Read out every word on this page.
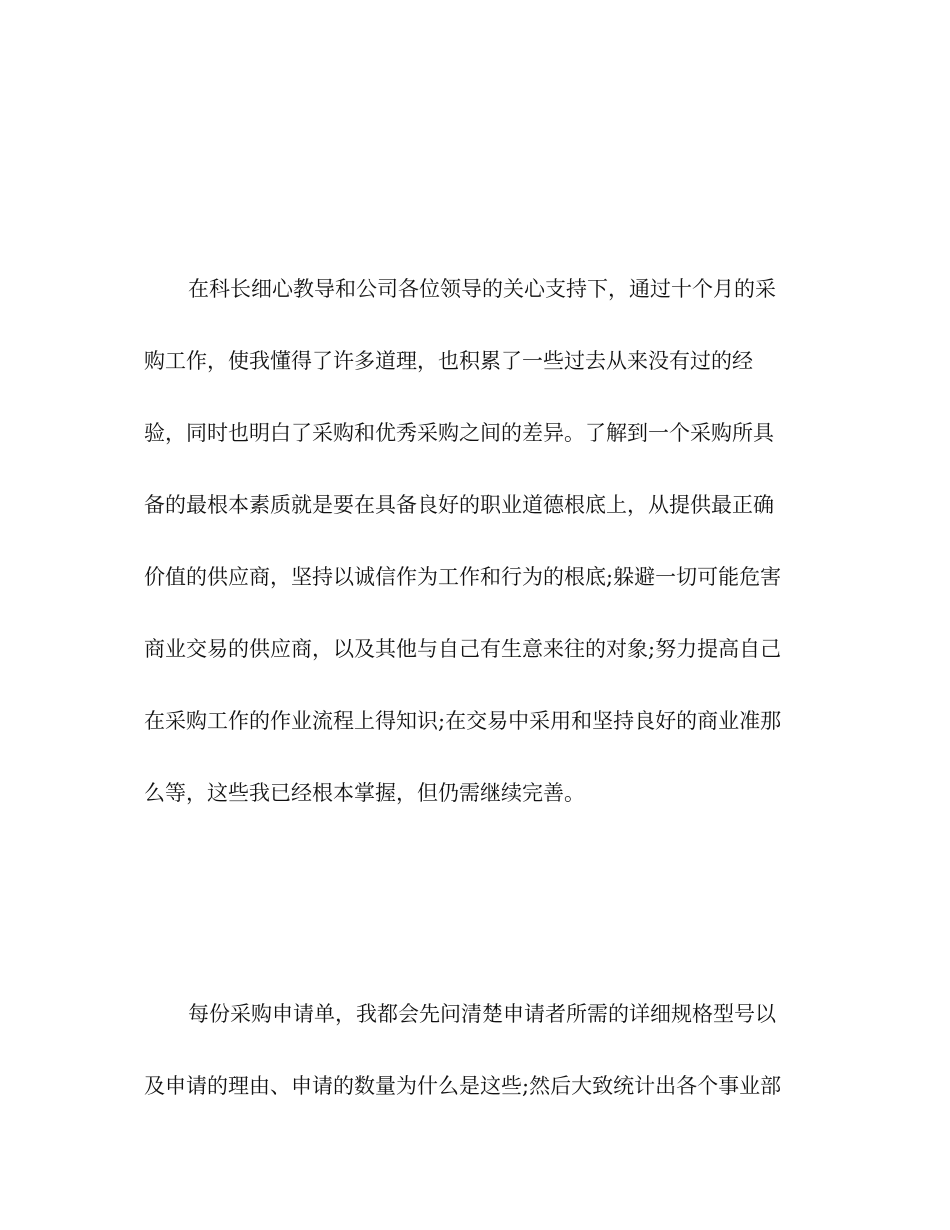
在科长细心教导和公司各位领导的关心支持下，通过十个月的采
购工作，使我懂得了许多道理，也积累了一些过去从来没有过的经
验，同时也明白了采购和优秀采购之间的差异。了解到一个采购所具
备的最根本素质就是要在具备良好的职业道德根底上，从提供最正确
价值的供应商，坚持以诚信作为工作和行为的根底;躲避一切可能危害
商业交易的供应商，以及其他与自己有生意来往的对象;努力提高自己
在采购工作的作业流程上得知识;在交易中采用和坚持良好的商业准那
么等，这些我已经根本掌握，但仍需继续完善。
每份采购申请单，我都会先问清楚申请者所需的详细规格型号以
及申请的理由、申请的数量为什么是这些;然后大致统计出各个事业部
